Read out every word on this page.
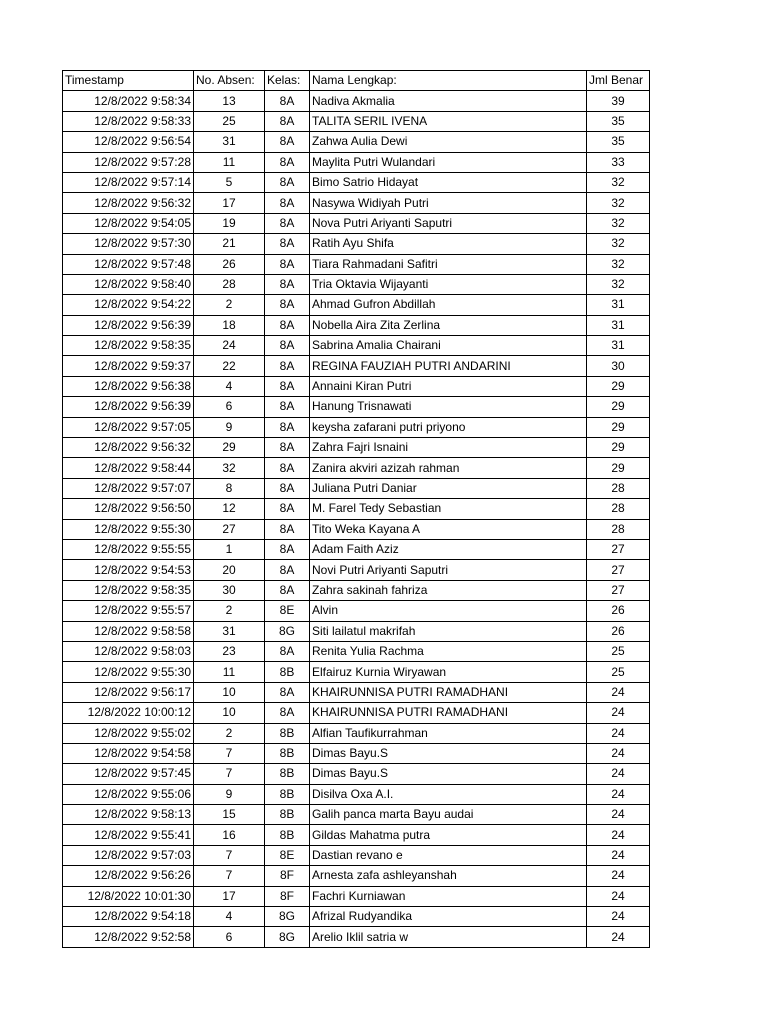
Timestamp	No. Absen:	Kelas:	Nama Lengkap:	Jml Benar
12/8/2022 9:58:34	13	8A	Nadiva Akmalia	39
12/8/2022 9:58:33	25	8A	TALITA SERIL IVENA	35
12/8/2022 9:56:54	31	8A	Zahwa Aulia Dewi	35
12/8/2022 9:57:28	11	8A	Maylita Putri Wulandari	33
12/8/2022 9:57:14	5	8A	Bimo Satrio Hidayat	32
12/8/2022 9:56:32	17	8A	Nasywa Widiyah Putri	32
12/8/2022 9:54:05	19	8A	Nova Putri Ariyanti Saputri	32
12/8/2022 9:57:30	21	8A	Ratih Ayu Shifa	32
12/8/2022 9:57:48	26	8A	Tiara Rahmadani Safitri	32
12/8/2022 9:58:40	28	8A	Tria Oktavia Wijayanti	32
12/8/2022 9:54:22	2	8A	Ahmad Gufron Abdillah	31
12/8/2022 9:56:39	18	8A	Nobella Aira Zita Zerlina	31
12/8/2022 9:58:35	24	8A	Sabrina Amalia Chairani	31
12/8/2022 9:59:37	22	8A	REGINA FAUZIAH PUTRI ANDARINI	30
12/8/2022 9:56:38	4	8A	Annaini Kiran Putri	29
12/8/2022 9:56:39	6	8A	Hanung Trisnawati	29
12/8/2022 9:57:05	9	8A	keysha zafarani putri priyono	29
12/8/2022 9:56:32	29	8A	Zahra Fajri Isnaini	29
12/8/2022 9:58:44	32	8A	Zanira akviri azizah rahman	29
12/8/2022 9:57:07	8	8A	Juliana Putri Daniar	28
12/8/2022 9:56:50	12	8A	M. Farel Tedy Sebastian	28
12/8/2022 9:55:30	27	8A	Tito Weka Kayana A	28
12/8/2022 9:55:55	1	8A	Adam Faith Aziz	27
12/8/2022 9:54:53	20	8A	Novi Putri Ariyanti Saputri	27
12/8/2022 9:58:35	30	8A	Zahra sakinah fahriza	27
12/8/2022 9:55:57	2	8E	Alvin	26
12/8/2022 9:58:58	31	8G	Siti lailatul makrifah	26
12/8/2022 9:58:03	23	8A	Renita Yulia Rachma	25
12/8/2022 9:55:30	11	8B	Elfairuz Kurnia Wiryawan	25
12/8/2022 9:56:17	10	8A	KHAIRUNNISA PUTRI RAMADHANI	24
12/8/2022 10:00:12	10	8A	KHAIRUNNISA PUTRI RAMADHANI	24
12/8/2022 9:55:02	2	8B	Alfian Taufikurrahman	24
12/8/2022 9:54:58	7	8B	Dimas Bayu.S	24
12/8/2022 9:57:45	7	8B	Dimas Bayu.S	24
12/8/2022 9:55:06	9	8B	Disilva Oxa A.I.	24
12/8/2022 9:58:13	15	8B	Galih panca marta Bayu audai	24
12/8/2022 9:55:41	16	8B	Gildas Mahatma putra	24
12/8/2022 9:57:03	7	8E	Dastian revano e	24
12/8/2022 9:56:26	7	8F	Arnesta zafa ashleyanshah	24
12/8/2022 10:01:30	17	8F	Fachri Kurniawan	24
12/8/2022 9:54:18	4	8G	Afrizal Rudyandika	24
12/8/2022 9:52:58	6	8G	Arelio Iklil satria w	24
